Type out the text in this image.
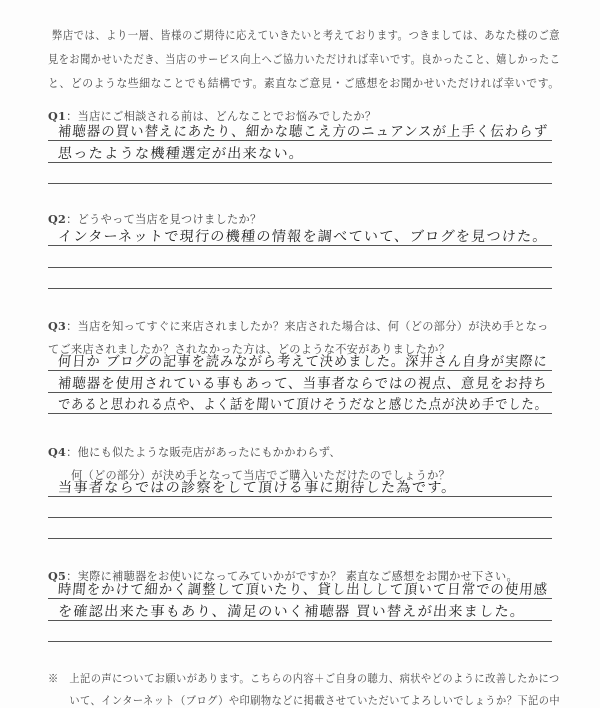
弊店では、より一層、皆様のご期待に応えていきたいと考えております。つきましては、あなた様のご意
見をお聞かせいただき、当店のサービス向上へご協力いただければ幸いです。良かったこと、嬉しかったこ
と、どのような些細なことでも結構です。素直なご意見・ご感想をお聞かせいただければ幸いです。
Q1：当店にご相談される前は、どんなことでお悩みでしたか？
補聴器の買い替えにあたり、細かな聴こえ方のニュアンスが上手く伝わらず
思ったような機種選定が出来ない。
Q2：どうやって当店を見つけましたか？
インターネットで現行の機種の情報を調べていて、ブログを見つけた。
Q3：当店を知ってすぐに来店されましたか？来店された場合は、何（どの部分）が決め手となっ
てご来店されましたか？されなかった方は、どのような不安がありましたか？
何日か ブログの記事を読みながら考えて決めました。深井さん自身が実際に
補聴器を使用されている事もあって、当事者ならではの視点、意見をお持ち
であると思われる点や、よく話を聞いて頂けそうだなと感じた点が決め手でした。
Q4：他にも似たような販売店があったにもかかわらず、
　　何（どの部分）が決め手となって当店でご購入いただけたのでしょうか？
当事者ならではの診察をして頂ける事に期待した為です。
Q5：実際に補聴器をお使いになってみていかがですか？ 素直なご感想をお聞かせ下さい。
時間をかけて細かく調整して頂いたり、貸し出しして頂いて日常での使用感
を確認出来た事もあり、満足のいく補聴器 買い替えが出来ました。
※　上記の声についてお願いがあります。こちらの内容＋ご自身の聴力、病状やどのように改善したかにつ
　　いて、インターネット（ブログ）や印刷物などに掲載させていただいてよろしいでしょうか？下記の中
